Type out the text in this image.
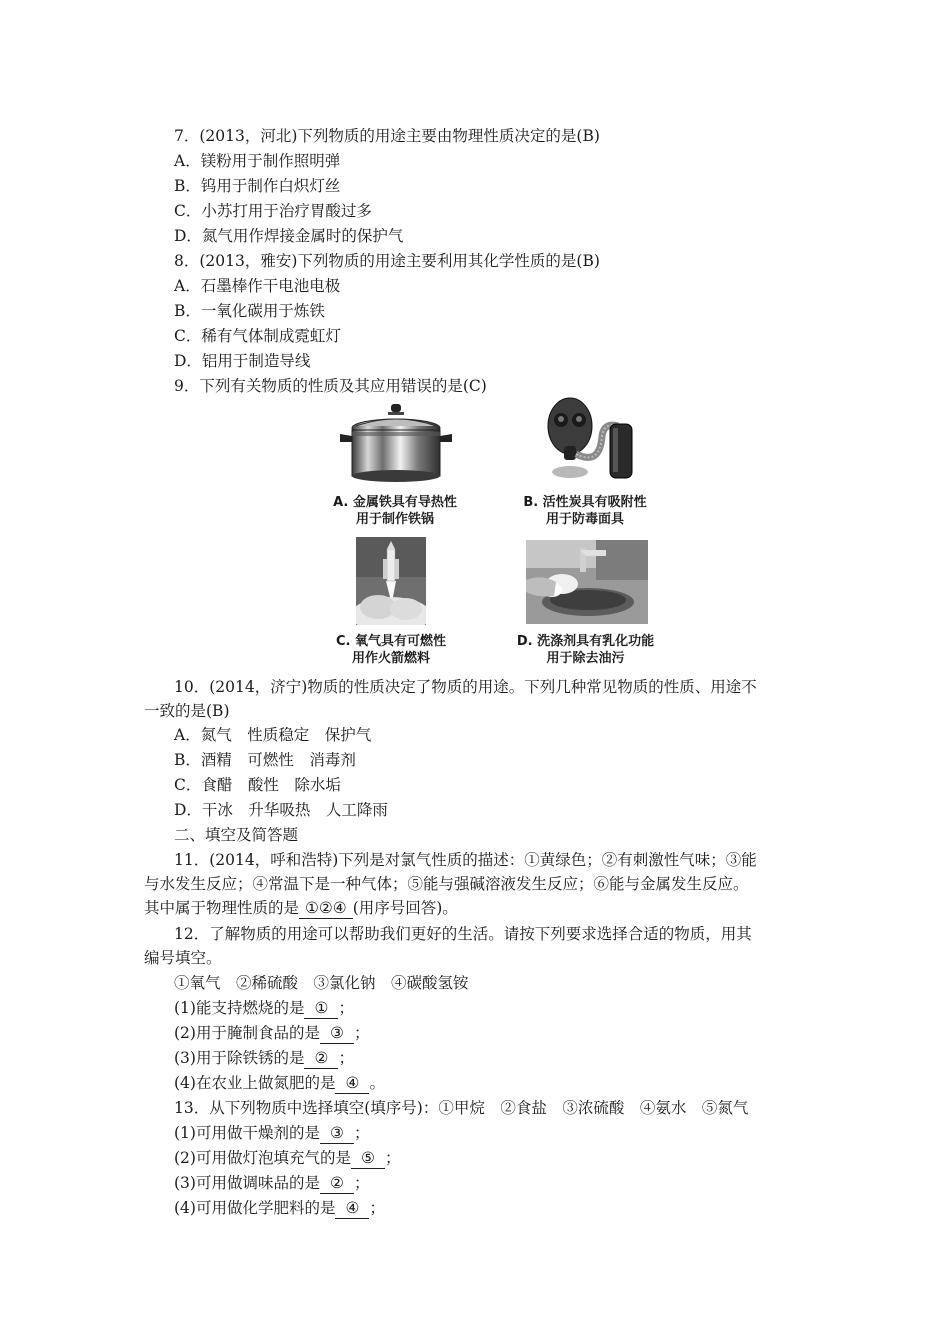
7．(2013，河北)下列物质的用途主要由物理性质决定的是(B)
A．镁粉用于制作照明弹
B．钨用于制作白炽灯丝
C．小苏打用于治疗胃酸过多
D．氮气用作焊接金属时的保护气
8．(2013，雅安)下列物质的用途主要利用其化学性质的是(B)
A．石墨棒作干电池电极
B．一氧化碳用于炼铁
C．稀有气体制成霓虹灯
D．铝用于制造导线
9．下列有关物质的性质及其应用错误的是(C)
A. 金属铁具有导热性
用于制作铁锅
B. 活性炭具有吸附性
用于防毒面具
C. 氧气具有可燃性
用作火箭燃料
D. 洗涤剂具有乳化功能
用于除去油污
10．(2014，济宁)物质的性质决定了物质的用途。下列几种常见物质的性质、用途不
一致的是(B)
A．氮气　性质稳定　保护气
B．酒精　可燃性　消毒剂
C．食醋　酸性　除水垢
D．干冰　升华吸热　人工降雨
二、填空及简答题
11．(2014，呼和浩特)下列是对氯气性质的描述：①黄绿色；②有刺激性气味；③能
与水发生反应；④常温下是一种气体；⑤能与强碱溶液发生反应；⑥能与金属发生反应。
其中属于物理性质的是 ①②④ (用序号回答)。
12．了解物质的用途可以帮助我们更好的生活。请按下列要求选择合适的物质，用其
编号填空。
①氧气　②稀硫酸　③氯化钠　④碳酸氢铵
(1)能支持燃烧的是 ① ；
(2)用于腌制食品的是 ③ ；
(3)用于除铁锈的是 ② ；
(4)在农业上做氮肥的是 ④ 。
13．从下列物质中选择填空(填序号)：①甲烷　②食盐　③浓硫酸　④氨水　⑤氮气
(1)可用做干燥剂的是 ③ ；
(2)可用做灯泡填充气的是 ⑤ ；
(3)可用做调味品的是 ② ；
(4)可用做化学肥料的是 ④ ；
